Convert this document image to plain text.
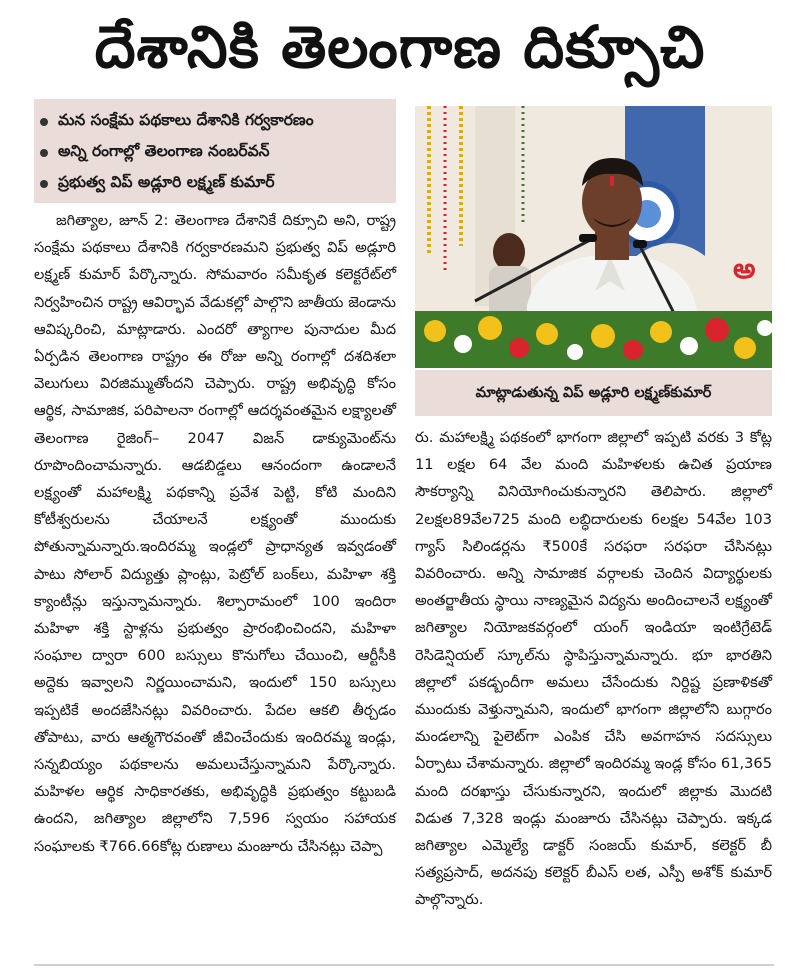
దేశానికి తెలంగాణ దిక్సూచి
మన సంక్షేమ పథకాలు దేశానికి గర్వకారణం
అన్ని రంగాల్లో తెలంగాణ నంబర్‌వన్
ప్రభుత్వ విప్ అడ్లూరి లక్ష్మణ్ కుమార్
అ
మాట్లాడుతున్న విప్ అడ్లూరి లక్ష్మణ్‌కుమార్

జగిత్యాల, జూన్ 2: తెలంగాణ దేశానికే దిక్సూచి అని, రాష్ట్ర సంక్షేమ పథకాలు దేశానికి గర్వకారణమని ప్రభుత్వ విప్ అడ్లూరి లక్ష్మణ్ కుమార్ పేర్కొన్నారు. సోమవారం సమీకృత కలెక్టరేట్‌లో నిర్వహించిన రాష్ట్ర ఆవిర్భావ వేడుకల్లో పాల్గొని జాతీయ జెండాను ఆవిష్కరించి, మాట్లాడారు. ఎందరో త్యాగాల పునాదుల మీద ఏర్పడిన తెలంగాణ రాష్ట్రం ఈ రోజు అన్ని రంగాల్లో దశదిశలా వెలుగులు విరజిమ్ముతోందని చెప్పారు. రాష్ట్ర అభివృద్ధి కోసం ఆర్థిక, సామాజిక, పరిపాలనా రంగాల్లో ఆదర్శవంతమైన లక్ష్యాలతో తెలంగాణ రైజింగ్– 2047 విజన్ డాక్యుమెంట్‌ను రూపొందించామన్నారు. ఆడబిడ్డలు ఆనందంగా ఉండాలనే లక్ష్యంతో మహాలక్ష్మి పథకాన్ని ప్రవేశ పెట్టి, కోటి మందిని కోటీశ్వరులను చేయాలనే లక్ష్యంతో ముందుకు పోతున్నామన్నారు.ఇందిరమ్మ ఇండ్లలో ప్రాధాన్యత ఇవ్వడంతో పాటు సోలార్ విద్యుత్తు ప్లాంట్లు, పెట్రోల్ బంక్‌లు, మహిళా శక్తి క్యాంటీన్లు ఇస్తున్నామన్నారు. శిల్పారామంలో 100 ఇందిరా మహిళా శక్తి స్టాళ్లను ప్రభుత్వం ప్రారంభించిందని, మహిళా సంఘాల ద్వారా 600 బస్సులు కొనుగోలు చేయించి, ఆర్టీసీకి అద్దెకు ఇవ్వాలని నిర్ణయించామని, ఇందులో 150 బస్సులు ఇప్పటికే అందజేసినట్లు వివరించారు. పేదల ఆకలి తీర్చడం తోపాటు, వారు ఆత్మగౌరవంతో జీవించేందుకు ఇందిరమ్మ ఇండ్లు, సన్నబియ్యం పథకాలను అమలుచేస్తున్నామని పేర్కొన్నారు. మహిళల ఆర్థిక సాధికారతకు, అభివృద్ధికి ప్రభుత్వం కట్టుబడి ఉందని, జగిత్యాల జిల్లాలోని 7,596 స్వయం సహాయక సంఘాలకు ₹766.66కోట్ల రుణాలు మంజూరు చేసినట్లు చెప్పా

రు. మహాలక్ష్మి పథకంలో భాగంగా జిల్లాలో ఇప్పటి వరకు 3 కోట్ల 11 లక్షల 64 వేల మంది మహిళలకు ఉచిత ప్రయాణ సౌకర్యాన్ని వినియోగించుకున్నారని తెలిపారు. జిల్లాలో 2లక్షల89వేల725 మంది లబ్ధిదారులకు 6లక్షల 54వేల 103 గ్యాస్ సిలిండర్లను ₹500కే సరఫరా సరఫరా చేసినట్లు వివరించారు. అన్ని సామాజిక వర్గాలకు చెందిన విద్యార్థులకు అంతర్జాతీయ స్థాయి నాణ్యమైన విద్యను అందించాలనే లక్ష్యంతో జగిత్యాల నియోజకవర్గంలో యంగ్ ఇండియా ఇంటిగ్రేటెడ్ రెసిడెన్షియల్ స్కూల్‌ను స్థాపిస్తున్నామన్నారు. భూ భారతిని జిల్లాలో పకడ్బందీగా అమలు చేసేందుకు నిర్దిష్ట ప్రణాళికతో ముందుకు వెళ్తున్నామని, ఇందులో భాగంగా జిల్లాలోని బుగ్గారం మండలాన్ని పైలెట్‌గా ఎంపిక చేసి అవగాహన సదస్సులు ఏర్పాటు చేశామన్నారు. జిల్లాలో ఇందిరమ్మ ఇండ్ల కోసం 61,365 మంది దరఖాస్తు చేసుకున్నారని, ఇందులో జిల్లాకు మొదటి విడుత 7,328 ఇండ్లు మంజూరు చేసినట్లు చెప్పారు. ఇక్కడ జగిత్యాల ఎమ్మెల్యే డాక్టర్ సంజయ్ కుమార్, కలెక్టర్ బీ సత్యప్రసాద్, అదనపు కలెక్టర్ బీఎస్ లత, ఎస్పీ అశోక్ కుమార్ పాల్గొన్నారు.
